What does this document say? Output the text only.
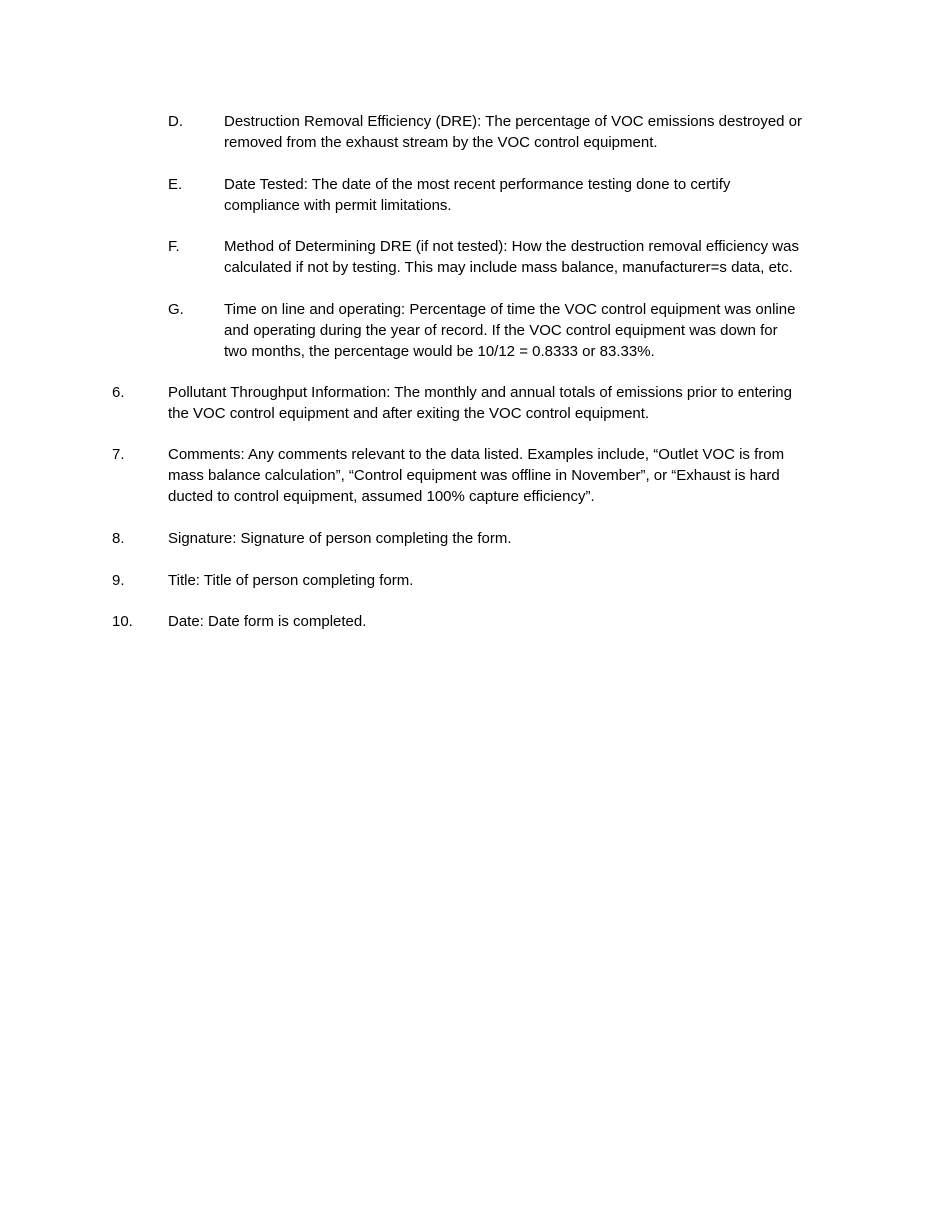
D.	Destruction Removal Efficiency (DRE): The percentage of VOC emissions destroyed or
removed from the exhaust stream by the VOC control equipment.
E.	Date Tested: The date of the most recent performance testing done to certify
compliance with permit limitations.
F.	Method of Determining DRE (if not tested): How the destruction removal efficiency was
calculated if not by testing. This may include mass balance, manufacturer=s data, etc.
G.	Time on line and operating: Percentage of time the VOC control equipment was online
and operating during the year of record. If the VOC control equipment was down for
two months, the percentage would be 10/12 = 0.8333 or 83.33%.
6.	Pollutant Throughput Information: The monthly and annual totals of emissions prior to entering
the VOC control equipment and after exiting the VOC control equipment.
7.	Comments: Any comments relevant to the data listed. Examples include, “Outlet VOC is from
mass balance calculation”, “Control equipment was offline in November”, or “Exhaust is hard
ducted to control equipment, assumed 100% capture efficiency”.
8.	Signature: Signature of person completing the form.
9.	Title: Title of person completing form.
10. Date: Date form is completed.
